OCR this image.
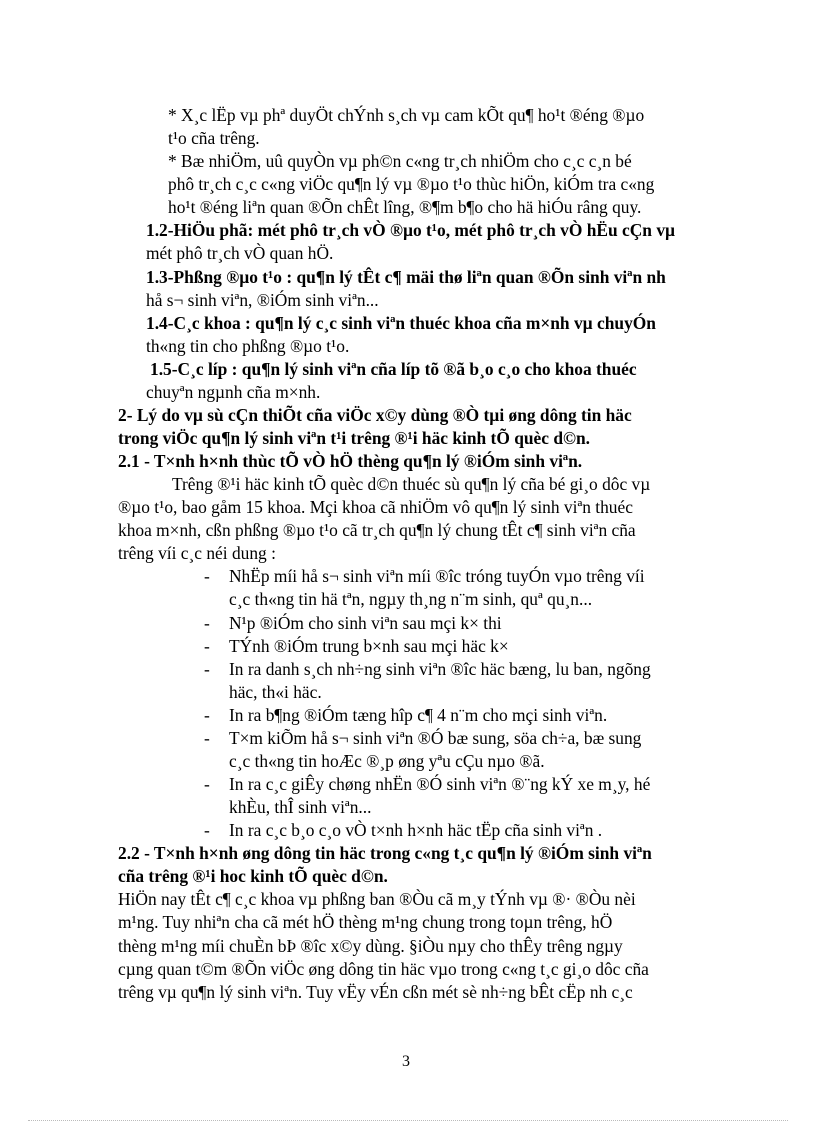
* X¸c lËp vµ phª duyÖt chÝnh s¸ch vµ cam kÕt qu¶ ho¹t ®éng ®µo
t¹o cña trêng.
* Bæ nhiÖm, uû quyÒn vµ ph©n c«ng tr¸ch nhiÖm cho c¸c c¸n bé
phô tr¸ch c¸c c«ng viÖc qu¶n lý vµ ®µo t¹o thùc hiÖn, kiÓm tra c«ng
ho¹t ®éng liªn quan ®Õn chÊt lîng, ®¶m b¶o cho hä hiÓu râng quy.
1.2-HiÖu phã: mét phô tr¸ch vÒ ®µo t¹o, mét phô tr¸ch vÒ hËu cÇn vµ
mét phô tr¸ch vÒ quan hÖ.
1.3-Phßng ®µo t¹o : qu¶n lý tÊt c¶ mäi thø liªn quan ®Õn sinh viªn nh
hå s¬ sinh viªn, ®iÓm sinh viªn...
1.4-C¸c khoa : qu¶n lý c¸c sinh viªn thuéc khoa cña m×nh vµ chuyÓn
th«ng tin cho phßng ®µo t¹o.
1.5-C¸c líp : qu¶n lý sinh viªn cña líp tõ ®ã b¸o c¸o cho khoa thuéc
chuyªn ngµnh cña m×nh.
2- Lý do vµ sù cÇn thiÕt cña viÖc x©y dùng ®Ò tµi øng dông tin häc
trong viÖc qu¶n lý sinh viªn t¹i trêng ®¹i häc kinh tÕ quèc d©n.
2.1 - T×nh h×nh thùc tÕ vÒ hÖ thèng qu¶n lý ®iÓm sinh viªn.
Trêng ®¹i häc kinh tÕ quèc d©n thuéc sù qu¶n lý cña bé gi¸o dôc vµ
®µo t¹o, bao gåm 15 khoa. Mçi khoa cã nhiÖm vô qu¶n lý sinh viªn thuéc
khoa m×nh, cßn phßng ®µo t¹o cã tr¸ch qu¶n lý chung tÊt c¶ sinh viªn cña
trêng víi c¸c néi dung :
- NhËp míi hå s¬ sinh viªn míi ®îc tróng tuyÓn vµo trêng víi
c¸c th«ng tin hä tªn, ngµy th¸ng n¨m sinh, quª qu¸n...
- N¹p ®iÓm cho sinh viªn sau mçi k× thi
- TÝnh ®iÓm trung b×nh sau mçi häc k×
- In ra danh s¸ch nh÷ng sinh viªn ®îc häc bæng, lu ban, ngõng
häc, th«i häc.
- In ra b¶ng ®iÓm tæng hîp c¶ 4 n¨m cho mçi sinh viªn.
- T×m kiÕm hå s¬ sinh viªn ®Ó bæ sung, söa ch÷a, bæ sung
c¸c th«ng tin hoÆc ®¸p øng yªu cÇu nµo ®ã.
- In ra c¸c giÊy chøng nhËn ®Ó sinh viªn ®¨ng kÝ xe m¸y, hé
khÈu, thÎ sinh viªn...
- In ra c¸c b¸o c¸o vÒ t×nh h×nh häc tËp cña sinh viªn .
2.2 - T×nh h×nh øng dông tin häc trong c«ng t¸c qu¶n lý ®iÓm sinh viªn
cña trêng ®¹i hoc kinh tÕ quèc d©n.
HiÖn nay tÊt c¶ c¸c khoa vµ phßng ban ®Òu cã m¸y tÝnh vµ ®· ®Òu nèi
m¹ng. Tuy nhiªn cha cã mét hÖ thèng m¹ng chung trong toµn trêng, hÖ
thèng m¹ng míi chuÈn bÞ ®îc x©y dùng. §iÒu nµy cho thÊy trêng ngµy
cµng quan t©m ®Õn viÖc øng dông tin häc vµo trong c«ng t¸c gi¸o dôc cña
trêng vµ qu¶n lý sinh viªn. Tuy vËy vÉn cßn mét sè nh÷ng bÊt cËp nh c¸c
3
